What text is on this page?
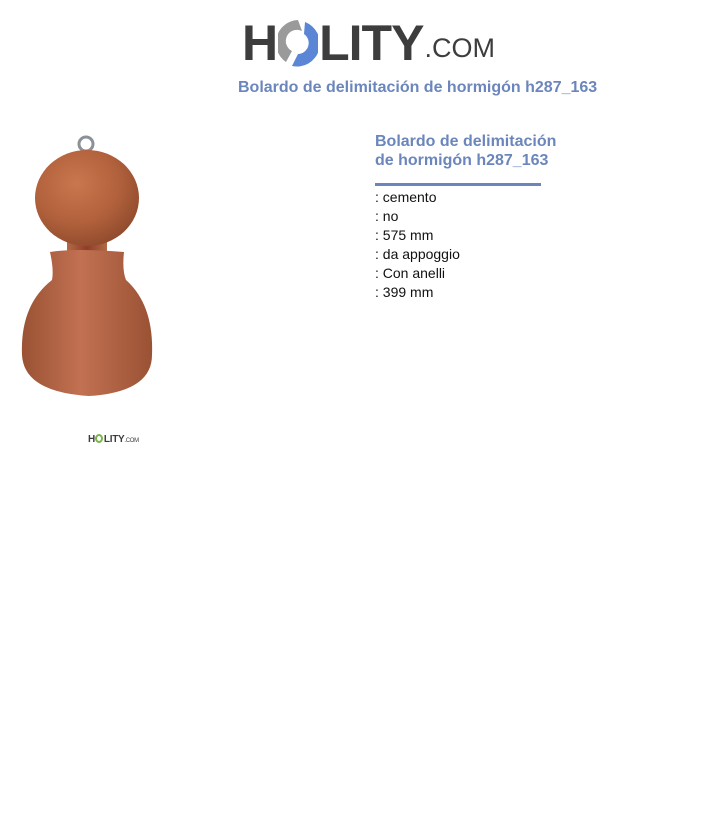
H LITY .COM
Bolardo de delimitación de hormigón h287_163
H LITY .COM
Bolardo de delimitación
de hormigón h287_163
: cemento
: no
: 575 mm
: da appoggio
: Con anelli
: 399 mm
